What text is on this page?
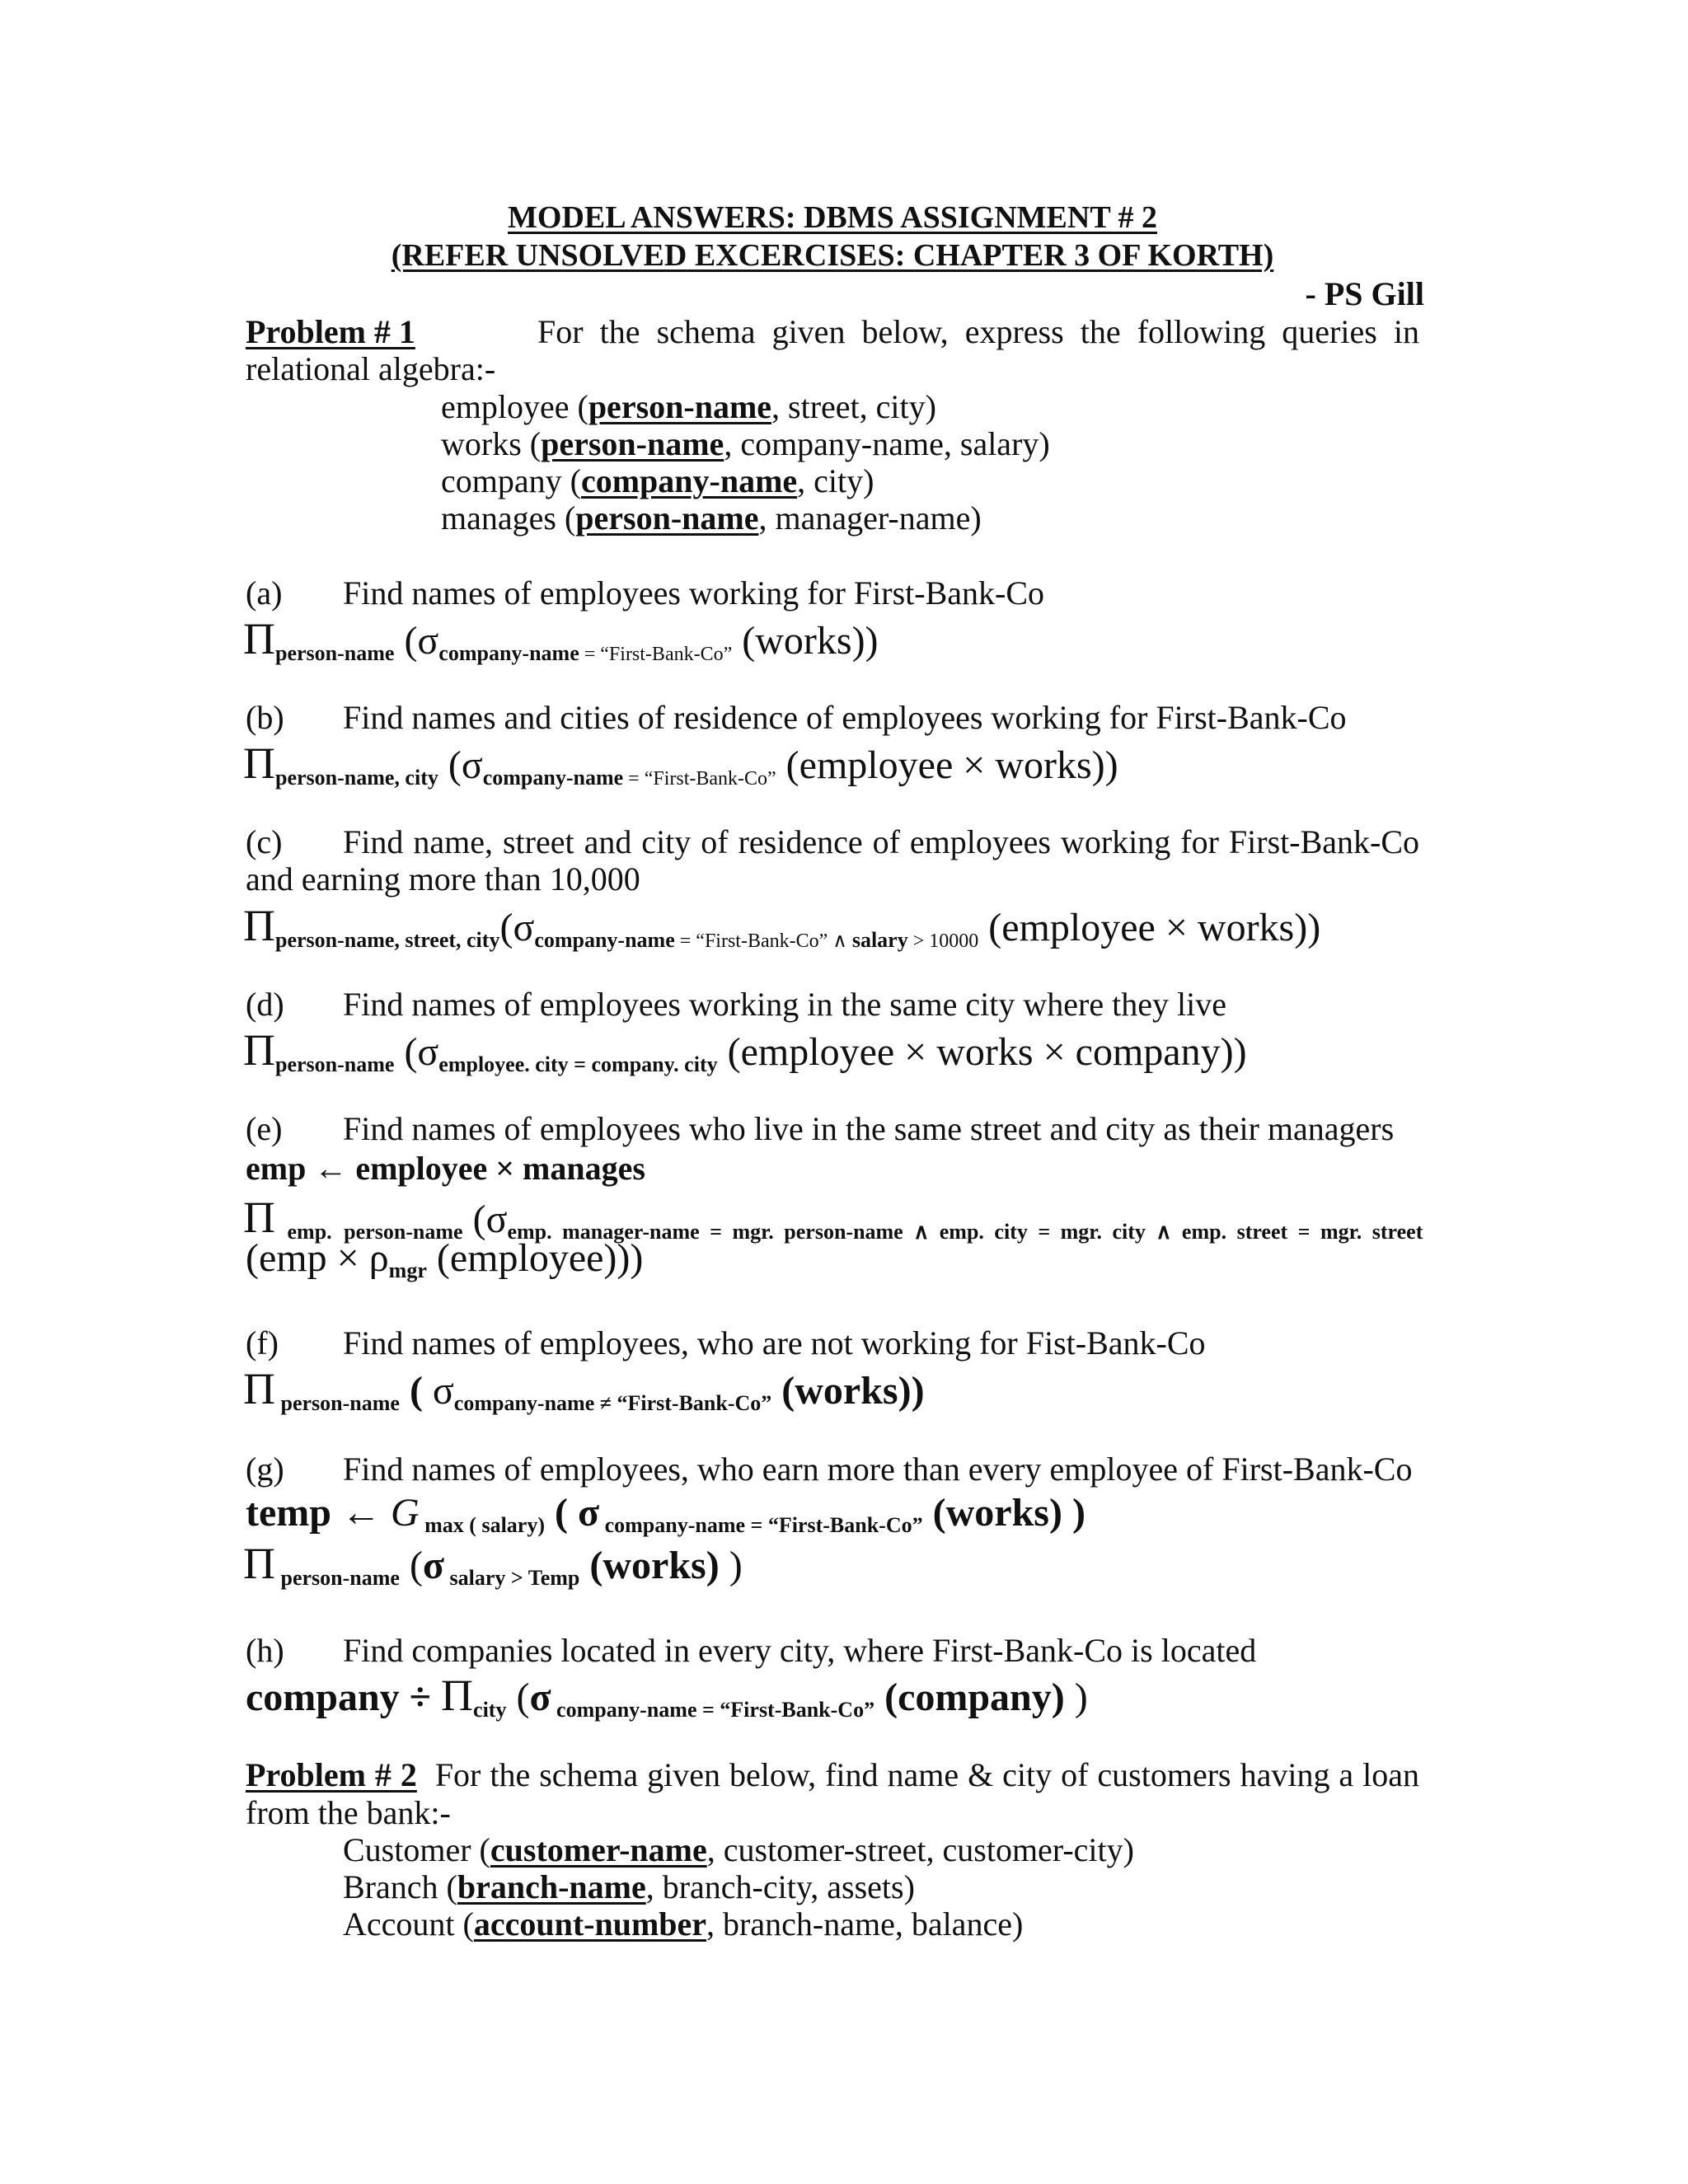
MODEL ANSWERS: DBMS ASSIGNMENT # 2
(REFER UNSOLVED EXCERCISES: CHAPTER 3 OF KORTH)
- PS Gill
Problem # 1	For the schema given below, express the following queries in
relational algebra:-
employee (person-name, street, city)
works (person-name, company-name, salary)
company (company-name, city)
manages (person-name, manager-name)
(a) Find names of employees working for First-Bank-Co
$\Pi_{person-name}$ ($\sigma_{company-name}$ $_{= “First-Bank-Co”}$ (works))
(b) Find names and cities of residence of employees working for First-Bank-Co
$\Pi_{person-name, city}$ ($\sigma_{company-name}$ $_{= “First-Bank-Co”}$ (employee × works))
(c) Find name, street and city of residence of employees working for First-Bank-Co
and earning more than 10,000
$\Pi_{person-name, street, city}(\sigma_{company-name}$ $_{= “First-Bank-Co” \wedge}$ $_{salary}$ $_{> 10000}$ (employee × works))
(d) Find names of employees working in the same city where they live
$\Pi_{person-name}$ ($\sigma_{employee. city = company. city}$ (employee × works × company))
(e) Find names of employees who live in the same street and city as their managers
emp ← employee × manages
Π $_{emp. person-name}$ ($\sigma_{emp. manager-name = mgr. person-name \wedge emp. city = mgr. city \wedge emp. street = mgr. street}$
($emp \times \rho_{mgr}$ (employee)))
(f) Find names of employees, who are not working for Fist-Bank-Co
Π $_{person-name}$ ( $\sigma_{company-name \ne “First-Bank-Co”}$ (works))
(g) Find names of employees, who earn more than every employee of First-Bank-Co
temp ← G $_{max ( salary)}$ ( σ $_{company-name = “First-Bank-Co”}$ (works) )
Π $_{person-name}$ (σ $_{salary > Temp}$ (works) )
(h) Find companies located in every city, where First-Bank-Co is located
company ÷ $\Pi_{city}$ (σ $_{company-name = “First-Bank-Co”}$ (company) )
Problem # 2 For the schema given below, find name & city of customers having a loan
from the bank:-
Customer (customer-name, customer-street, customer-city)
Branch (branch-name, branch-city, assets)
Account (account-number, branch-name, balance)
